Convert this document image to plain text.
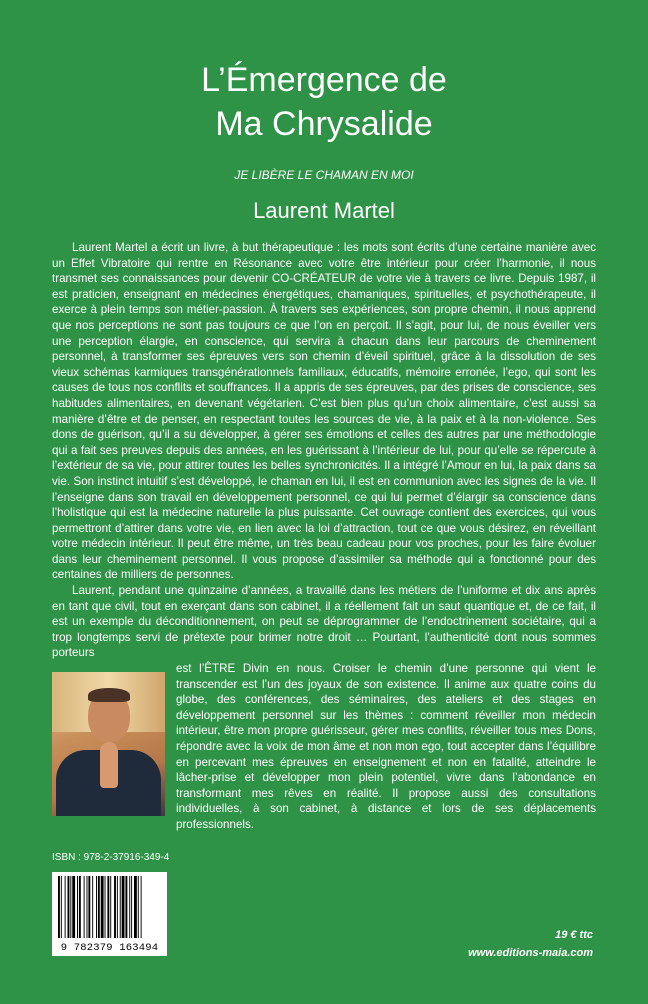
L’Émergence de
Ma Chrysalide
JE LIBÈRE LE CHAMAN EN MOI
Laurent Martel

Laurent Martel a écrit un livre, à but thérapeutique : les mots sont écrits d’une certaine manière avec un Effet Vibratoire qui rentre en Résonance avec votre être intérieur pour créer l’harmonie, il nous transmet ses connaissances pour devenir CO-CRÉATEUR de votre vie à travers ce livre. Depuis 1987, il est praticien, enseignant en médecines énergétiques, chamaniques, spirituelles, et psychothérapeute, il exerce à plein temps son métier-passion. À travers ses expériences, son propre chemin, il nous apprend que nos perceptions ne sont pas toujours ce que l’on en perçoit. Il s’agit, pour lui, de nous éveiller vers une perception élargie, en conscience, qui servira à chacun dans leur parcours de cheminement personnel, à transformer ses épreuves vers son chemin d’éveil spirituel, grâce à la dissolution de ses vieux schémas karmiques transgénérationnels familiaux, éducatifs, mémoire erronée, l’ego, qui sont les causes de tous nos conflits et souffrances. Il a appris de ses épreuves, par des prises de conscience, ses habitudes alimentaires, en devenant végétarien. C’est bien plus qu’un choix alimentaire, c’est aussi sa manière d’être et de penser, en respectant toutes les sources de vie, à la paix et à la non-violence. Ses dons de guérison, qu’il a su développer, à gérer ses émotions et celles des autres par une méthodologie qui a fait ses preuves depuis des années, en les guérissant à l’intérieur de lui, pour qu’elle se répercute à l’extérieur de sa vie, pour attirer toutes les belles synchronicités. Il a intégré l’Amour en lui, la paix dans sa vie. Son instinct intuitif s’est développé, le chaman en lui, il est en communion avec les signes de la vie. Il l’enseigne dans son travail en développement personnel, ce qui lui permet d’élargir sa conscience dans l’holistique qui est la médecine naturelle la plus puissante. Cet ouvrage contient des exercices, qui vous permettront d’attirer dans votre vie, en lien avec la loi d’attraction, tout ce que vous désirez, en réveillant votre médecin intérieur. Il peut être même, un très beau cadeau pour vos proches, pour les faire évoluer dans leur cheminement personnel. Il vous propose d’assimiler sa méthode qui a fonctionné pour des centaines de milliers de personnes.

Laurent, pendant une quinzaine d’années, a travaillé dans les métiers de l’uniforme et dix ans après en tant que civil, tout en exerçant dans son cabinet, il a réellement fait un saut quantique et, de ce fait, il est un exemple du déconditionnement, on peut se déprogrammer de l’endoctrinement sociétaire, qui a trop longtemps servi de prétexte pour brimer notre droit … Pourtant, l’authenticité dont nous sommes porteurs

est l’ÊTRE Divin en nous. Croiser le chemin d’une personne qui vient le transcender est l’un des joyaux de son existence. Il anime aux quatre coins du globe, des conférences, des séminaires, des ateliers et des stages en développement personnel sur les thèmes : comment réveiller mon médecin intérieur, être mon propre guérisseur, gérer mes conflits, réveiller tous mes Dons, répondre avec la voix de mon âme et non mon ego, tout accepter dans l’équilibre en percevant mes épreuves en enseignement et non en fatalité, atteindre le lâcher-prise et développer mon plein potentiel, vivre dans l’abondance en transformant mes rêves en réalité. Il propose aussi des consultations individuelles, à son cabinet, à distance et lors de ses déplacements professionnels.

ISBN : 978-2-37916-349-4
9 782379 163494
19 € ttc
www.editions-maia.com
